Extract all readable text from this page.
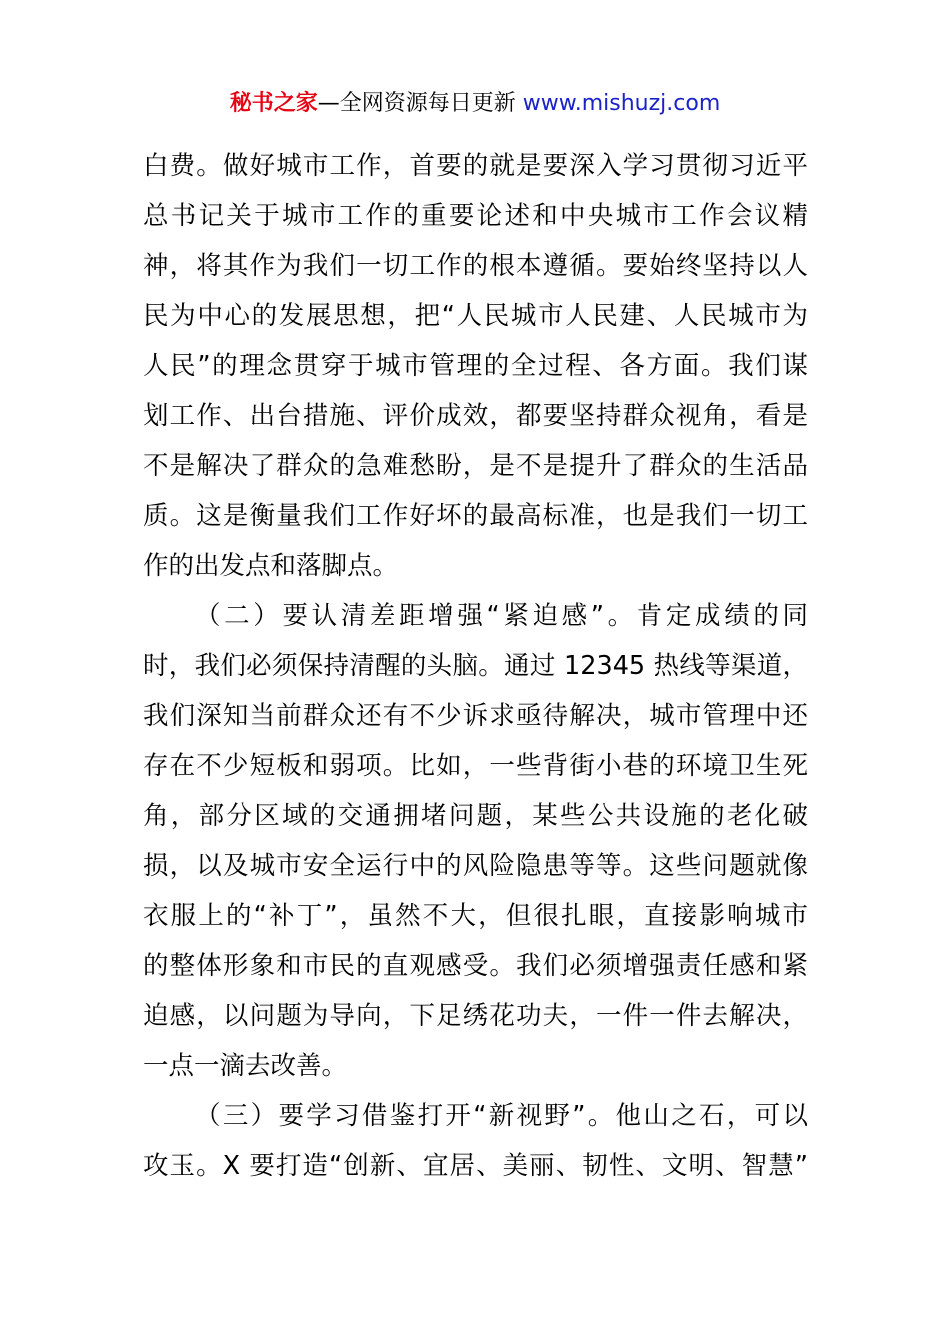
秘书之家—全网资源每日更新 www.mishuzj.com
白费。做好城市工作，首要的就是要深入学习贯彻习近平
总书记关于城市工作的重要论述和中央城市工作会议精
神，将其作为我们一切工作的根本遵循。要始终坚持以人
民为中心的发展思想，把“人民城市人民建、人民城市为
人民”的理念贯穿于城市管理的全过程、各方面。我们谋
划工作、出台措施、评价成效，都要坚持群众视角，看是
不是解决了群众的急难愁盼，是不是提升了群众的生活品
质。这是衡量我们工作好坏的最高标准，也是我们一切工
作的出发点和落脚点。
（二）要认清差距增强“紧迫感”。肯定成绩的同
时，我们必须保持清醒的头脑。通过 12345 热线等渠道，
我们深知当前群众还有不少诉求亟待解决，城市管理中还
存在不少短板和弱项。比如，一些背街小巷的环境卫生死
角，部分区域的交通拥堵问题，某些公共设施的老化破
损，以及城市安全运行中的风险隐患等等。这些问题就像
衣服上的“补丁”，虽然不大，但很扎眼，直接影响城市
的整体形象和市民的直观感受。我们必须增强责任感和紧
迫感，以问题为导向，下足绣花功夫，一件一件去解决，
一点一滴去改善。
（三）要学习借鉴打开“新视野”。他山之石，可以
攻玉。X 要打造“创新、宜居、美丽、韧性、文明、智慧”
